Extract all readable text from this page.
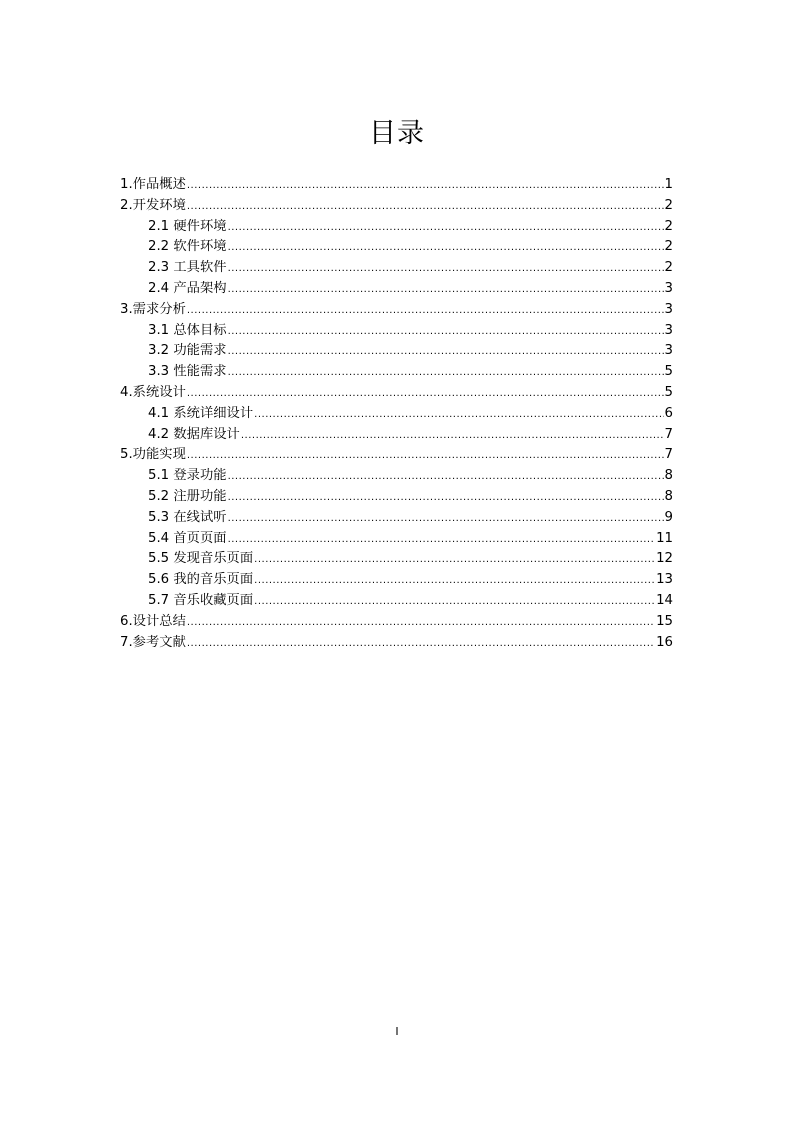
目录
1.作品概述 .....	1
2.开发环境 .....	2
2.1 硬件环境 .....	2
2.2 软件环境 .....	2
2.3 工具软件 .....	2
2.4 产品架构 .....	3
3.需求分析 .....	3
3.1 总体目标 .....	3
3.2 功能需求 .....	3
3.3 性能需求 .....	5
4.系统设计 .....	5
4.1 系统详细设计 .....	6
4.2 数据库设计 .....	7
5.功能实现 .....	7
5.1 登录功能 .....	8
5.2 注册功能 .....	8
5.3 在线试听 .....	9
5.4 首页页面 .....	11
5.5 发现音乐页面 .....	12
5.6 我的音乐页面 .....	13
5.7 音乐收藏页面 .....	14
6.设计总结 .....	15
7.参考文献 .....	16
I
